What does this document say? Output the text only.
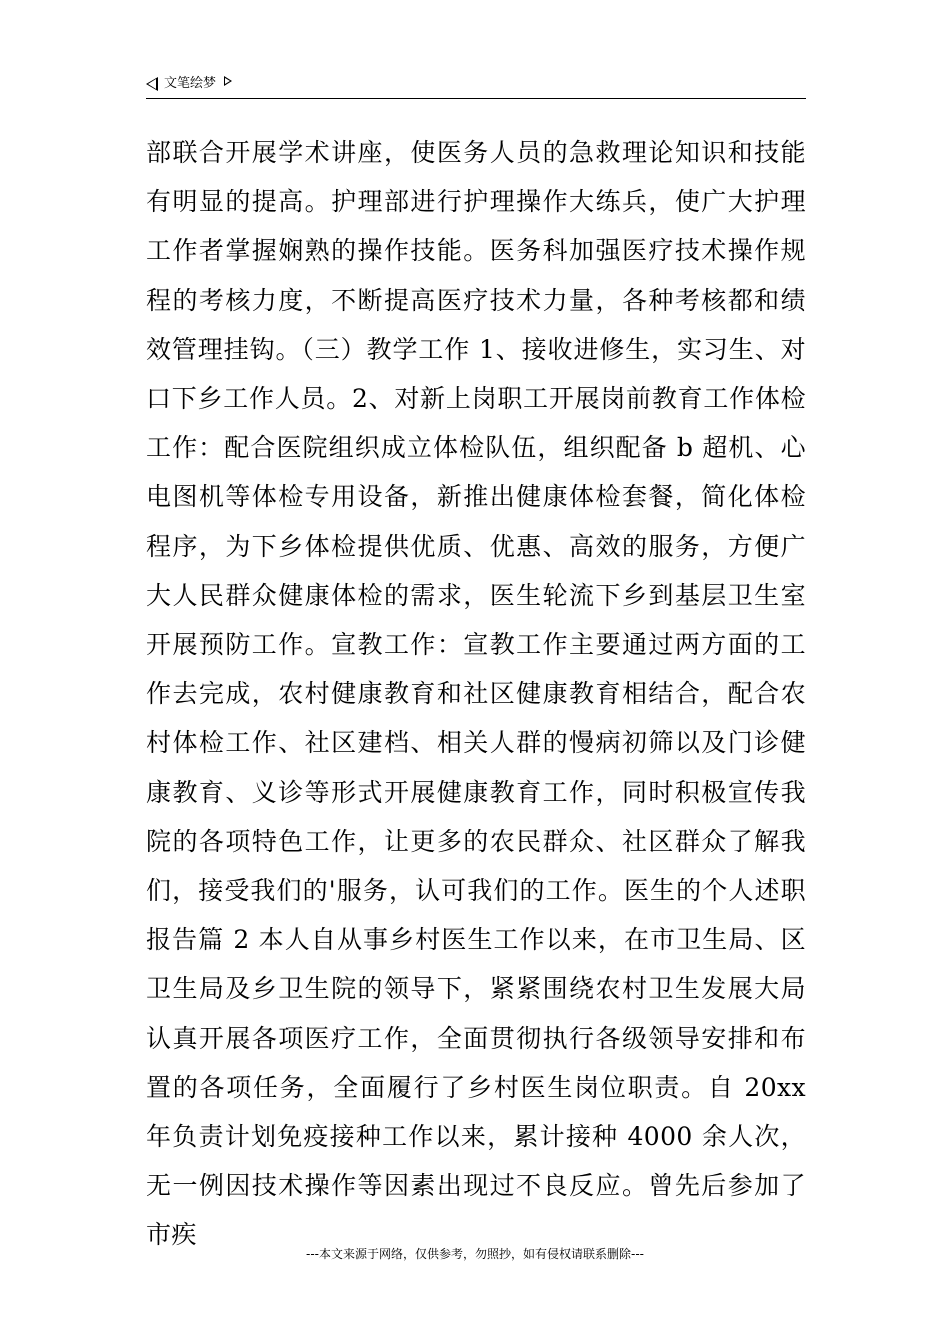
文笔绘梦

部联合开展学术讲座，使医务人员的急救理论知识和技能有明显的提高。护理部进行护理操作大练兵，使广大护理工作者掌握娴熟的操作技能。医务科加强医疗技术操作规程的考核力度，不断提高医疗技术力量，各种考核都和绩效管理挂钩。（三）教学工作 1、接收进修生，实习生、对口下乡工作人员。2、对新上岗职工开展岗前教育工作体检工作：配合医院组织成立体检队伍，组织配备 b 超机、心电图机等体检专用设备，新推出健康体检套餐，简化体检程序，为下乡体检提供优质、优惠、高效的服务，方便广大人民群众健康体检的需求，医生轮流下乡到基层卫生室开展预防工作。宣教工作：宣教工作主要通过两方面的工作去完成，农村健康教育和社区健康教育相结合，配合农村体检工作、社区建档、相关人群的慢病初筛以及门诊健康教育、义诊等形式开展健康教育工作，同时积极宣传我院的各项特色工作，让更多的农民群众、社区群众了解我们，接受我们的'服务，认可我们的工作。医生的个人述职报告篇 2 本人自从事乡村医生工作以来，在市卫生局、区卫生局及乡卫生院的领导下，紧紧围绕农村卫生发展大局认真开展各项医疗工作，全面贯彻执行各级领导安排和布置的各项任务，全面履行了乡村医生岗位职责。自 20xx 年负责计划免疫接种工作以来，累计接种 4000 余人次，无一例因技术操作等因素出现过不良反应。曾先后参加了市疾

---本文来源于网络，仅供参考，勿照抄，如有侵权请联系删除---
